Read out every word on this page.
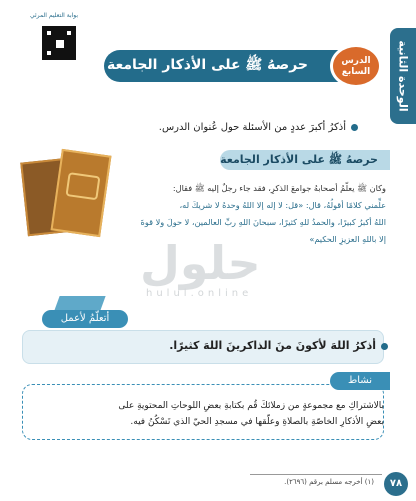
الوحدة الثانية
بوابة التعليم المرئي
حرصهُ ﷺ على الأذكار الجامعة	الدرس
السابع
أذكرُ أكبرَ عددٍ من الأسئلة حول عُنوان الدرس.
حرصهُ ﷺ على الأذكار الجامعة

وكان ﷺ يعلّمُ أصحابهُ جوامعَ الذكرِ، فقد جاء رجلٌ إليه ﷺ فقال:

علِّمني كلامًا أقولُهُ، قال: «قل: لا إله إلا اللهُ وحدهُ لا شريكَ له،

اللهُ أكبرُ كبيرًا، والحمدُ للهِ كثيرًا، سبحانَ اللهِ ربِّ العالمين، لا حولَ ولا قوةَ

إلا باللهِ العزيزِ الحكيم»

حلول
hulul.online
أتعلّمُ لأعمل
أذكرُ اللهَ لأكونَ منَ الذاكرينَ اللهَ كثيرًا.
نشاط

بالاشتراكِ مع مجموعةٍ من زملائكَ قُم بكتابةِ بعضِ اللوحاتِ المحتويةِ على

بعضِ الأذكارِ الخاصّةِ بالصلاةِ وعلّقها في مسجدِ الحيّ الذي تَسْكُنُ فيه.

(١) أخرجه مسلم برقم (٢٦٩٦).	٧٨
